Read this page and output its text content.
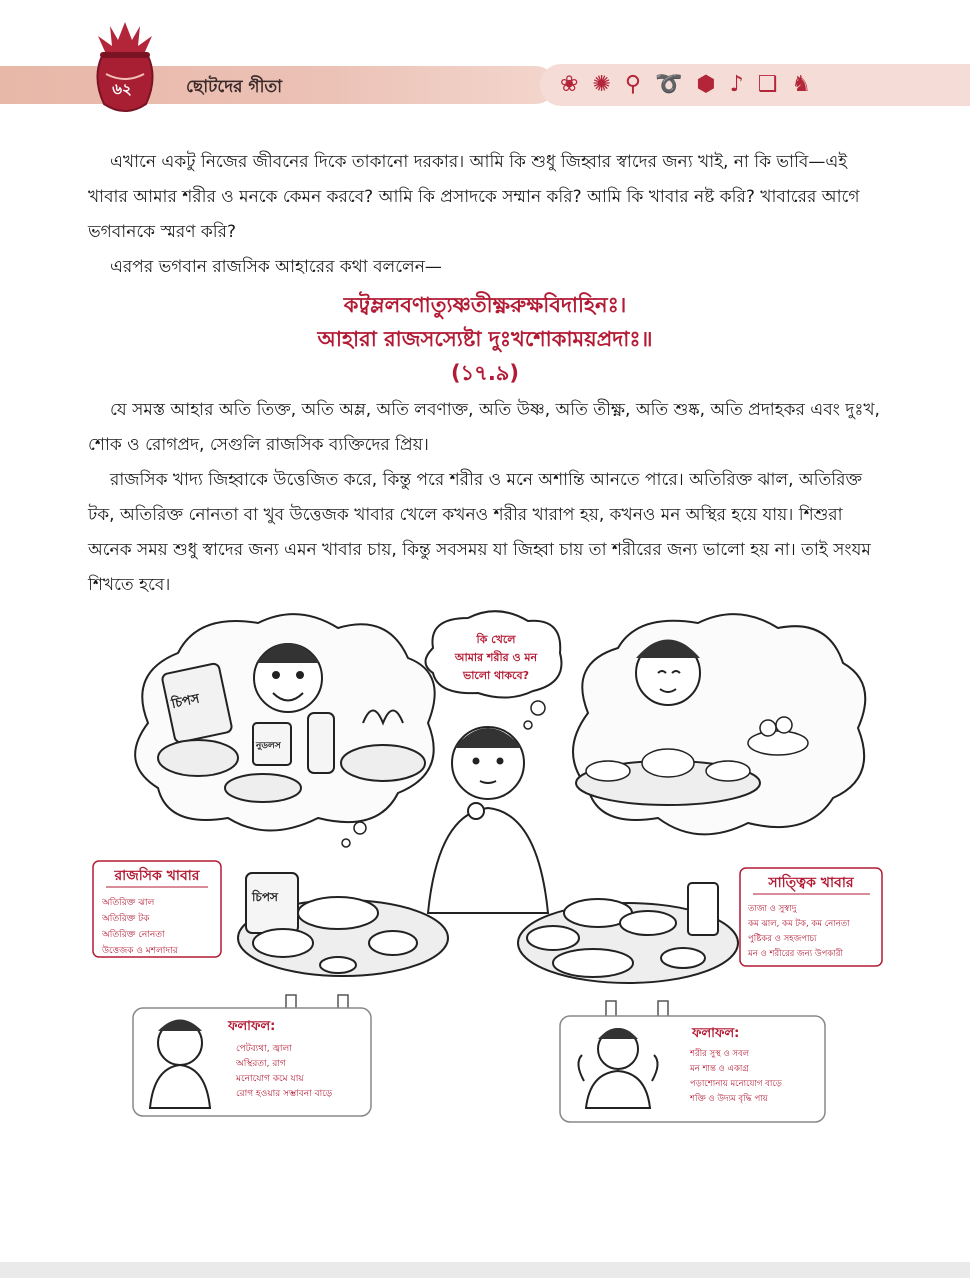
৬২	ছোটদের গীতা	❀ ✺ ⚲ ➰ ⬢ ♪ ❑ ♞

এখানে একটু নিজের জীবনের দিকে তাকানো দরকার। আমি কি শুধু জিহ্বার স্বাদের জন্য খাই, না কি ভাবি—এই খাবার আমার শরীর ও মনকে কেমন করবে? আমি কি প্রসাদকে সম্মান করি? আমি কি খাবার নষ্ট করি? খাবারের আগে ভগবানকে স্মরণ করি?

এরপর ভগবান রাজসিক আহারের কথা বললেন—

কট্বম্ললবণাত্যুষ্ণতীক্ষ্ণরুক্ষবিদাহিনঃ।
আহারা রাজসস্যেষ্টা দুঃখশোকাময়প্রদাঃ॥
(১৭.৯)

যে সমস্ত আহার অতি তিক্ত, অতি অম্ল, অতি লবণাক্ত, অতি উষ্ণ, অতি তীক্ষ্ণ, অতি শুষ্ক, অতি প্রদাহকর এবং দুঃখ, শোক ও রোগপ্রদ, সেগুলি রাজসিক ব্যক্তিদের প্রিয়।

রাজসিক খাদ্য জিহ্বাকে উত্তেজিত করে, কিন্তু পরে শরীর ও মনে অশান্তি আনতে পারে। অতিরিক্ত ঝাল, অতিরিক্ত টক, অতিরিক্ত নোনতা বা খুব উত্তেজক খাবার খেলে কখনও শরীর খারাপ হয়, কখনও মন অস্থির হয়ে যায়। শিশুরা অনেক সময় শুধু স্বাদের জন্য এমন খাবার চায়, কিন্তু সবসময় যা জিহ্বা চায় তা শরীরের জন্য ভালো হয় না। তাই সংযম শিখতে হবে।

চিপস
নুডলস
কি খেলে
আমার শরীর ও মন
ভালো থাকবে?
রাজসিক খাবার
অতিরিক্ত ঝাল
অতিরিক্ত টক
অতিরিক্ত নোনতা
উত্তেজক ও মশলাদার
চিপস
সাত্ত্বিক খাবার
তাজা ও সুস্বাদু
কম ঝাল, কম টক, কম নোনতা
পুষ্টিকর ও সহজপাচ্য
মন ও শরীরের জন্য উপকারী
ফলাফল:
পেটব্যথা, জ্বালা
অস্থিরতা, রাগ
মনোযোগ কমে যায়
রোগ হওয়ার সম্ভাবনা বাড়ে
ফলাফল:
শরীর সুস্থ ও সবল
মন শান্ত ও একাগ্র
পড়াশোনায় মনোযোগ বাড়ে
শক্তি ও উদ্যম বৃদ্ধি পায়
